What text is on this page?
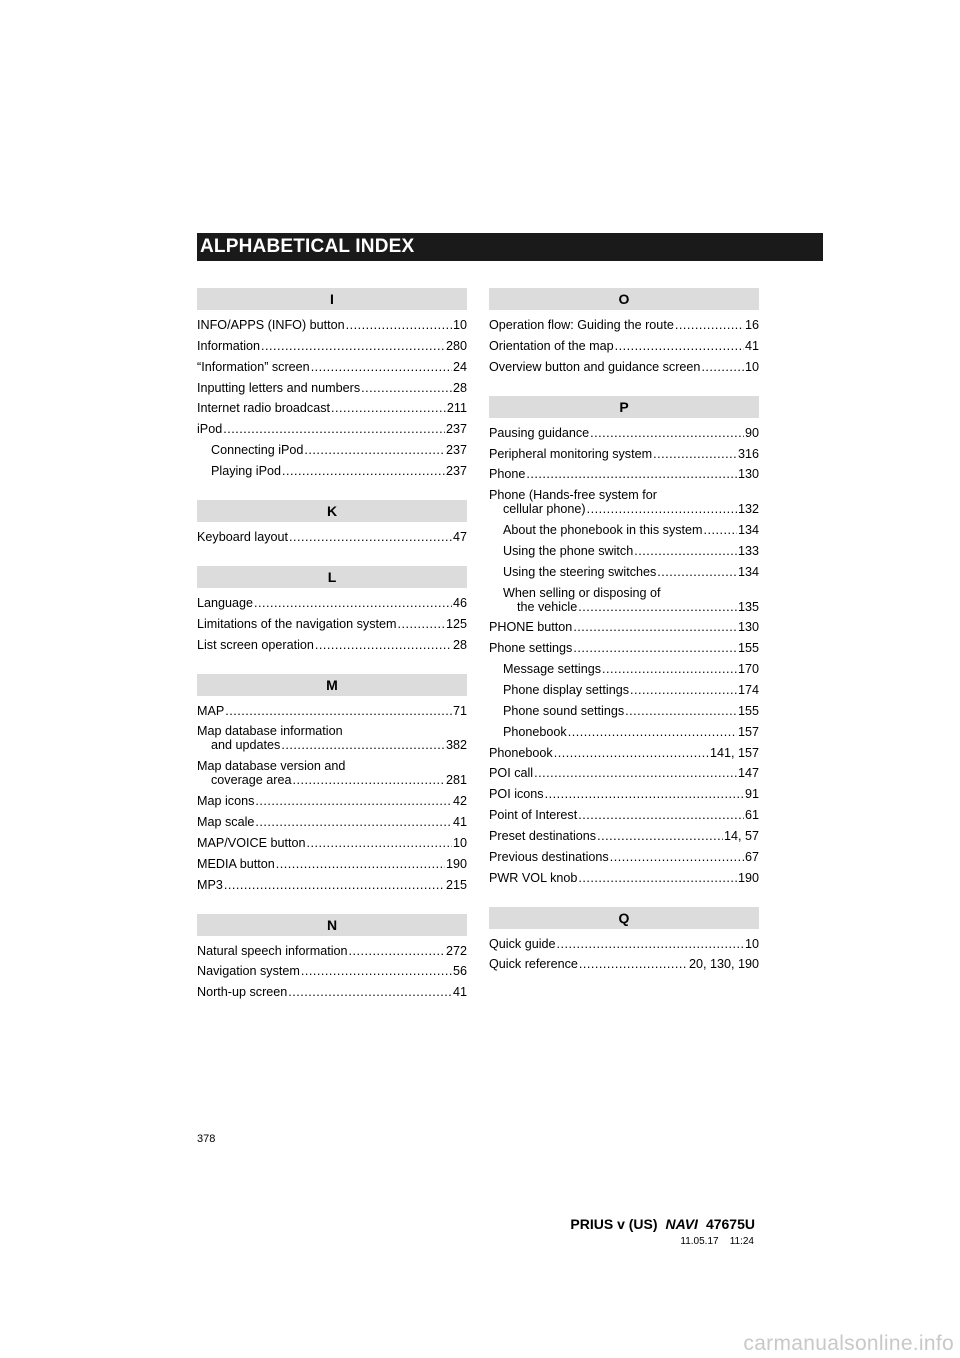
ALPHABETICAL INDEX
I
INFO/APPS (INFO) button .....	10
Information .....	280
“Information” screen .....	24
Inputting letters and numbers .....	28
Internet radio broadcast .....	211
iPod .....	237
Connecting iPod .....	237
Playing iPod .....	237
K
Keyboard layout .....	47
L
Language .....	46
Limitations of the navigation system .....	125
List screen operation .....	28
M
MAP .....	71
Map database information
and updates .....	382
Map database version and
coverage area .....	281
Map icons .....	42
Map scale .....	41
MAP/VOICE button .....	10
MEDIA button .....	190
MP3 .....	215
N
Natural speech information .....	272
Navigation system .....	56
North-up screen .....	41
O
Operation flow: Guiding the route .....	16
Orientation of the map .....	41
Overview button and guidance screen .....	10
P
Pausing guidance .....	90
Peripheral monitoring system .....	316
Phone .....	130
Phone (Hands-free system for
cellular phone) .....	132
About the phonebook in this system .....	134
Using the phone switch .....	133
Using the steering switches .....	134
When selling or disposing of
the vehicle .....	135
PHONE button .....	130
Phone settings .....	155
Message settings .....	170
Phone display settings .....	174
Phone sound settings .....	155
Phonebook .....	157
Phonebook .....	141, 157
POI call .....	147
POI icons .....	91
Point of Interest .....	61
Preset destinations .....	14, 57
Previous destinations .....	67
PWR VOL knob .....	190
Q
Quick guide .....	10
Quick reference .....	20, 130, 190
378
PRIUS v (US) NAVI 47675U
11.05.17 11:24
carmanualsonline.info
